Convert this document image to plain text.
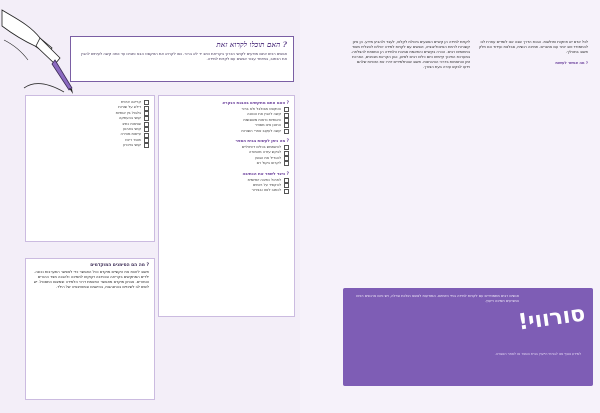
? האם תוכלו לקרוא זאת
אנשים רבים אינם מודעים לקושי הכרוך בקריאת כתב יד לא ברור. נסו לקרוא את הטקסט הבא ותבינו עד כמה קשה לעיתים להבין את הכתוב, במיוחד עבור אנשים עם לקויות למידה.
? האם אתם מתקשים בהבנת הנקרא
הטקסט מבולבל ולא ברור
קשה להבין את הכוונה
האותיות נראות משובשות
התוכן אינו מסודר
קשה לעקוב אחרי השורות
? מה ניתן לעשות בבית הספר
להשתמש בכלים דיגיטליים
לבקש עזרה מהמורה
להגדיל את הגופן
לקרוא בקול רם
? כיצד לשפר את הכתיבה
לתרגל כתיבה יומיומית
להקפיד על רווחים
לכתוב לאט ובבירור
קריאה איטית
דילוג על שורות
בלבול בין אותיות
קושי בהעתקה
שגיאות כתיב
קושי בארגון
עייפות מהירה
חוסר ריכוז
קושי בזיכרון
? מה הם הסימנים המוקדמים
חשוב לזהות את הקשיים מוקדם ככל האפשר כדי לאפשר התערבות נכונה. ילדים המתקשים בקריאה ובכתיבה זקוקים לתמיכה ולהבנה מצד ההורים והמורים. אבחון מוקדם מאפשר התאמת דרכי הלמידה וצמצום התסכול. יש לשים לב לשינויים בהתנהגות, בהישגים ובמוטיבציה של הילד.
לקויות למידה הן קשיים הפוגעים ביכולת לקלוט, לעבד ולהביע מידע. הן אינן קשורות לרמת האינטליגנציה, ואנשים עם לקויות למידה יכולים להצליח מאוד בתחומים רבים. הכרה בקשיים והתאמת סביבת הלמידה הן המפתח להצלחה. במערכת החינוך קיימים כיום כלים רבים לסיוע, כגון הקראת מבחנים, הארכת זמן והתאמות בדרכי ההיבחנות. חשוב שהתלמידים יכירו את הזכויות שלהם וידעו לבקש עזרה בעת הצורך.
לכל אדם יש חוזקות וחולשות. הבנת הדרך שבה אנו לומדים עוזרת לנו להתמודד טוב יותר עם אתגרים. תמיכה רגשית, סבלנות ועידוד הם חלק חשוב בתהליך.
? מה אפשר לעשות
!סורווי
אנשים רבים מתמודדים עם לקויות למידה בחיי היומיום. המודעות לנושא הולכת וגדלה, ויש כיום ארגונים רבים המציעים תמיכה וייעוץ.
למידע נוסף פנו לגורמי הייעוץ בבית הספר או לאתר האגודה.
